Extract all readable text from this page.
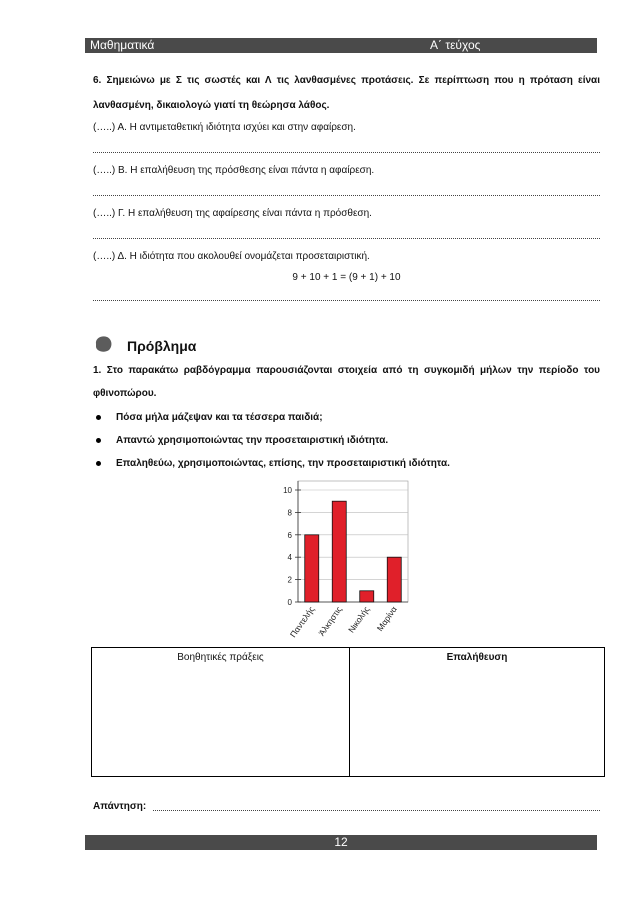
Μαθηματικά	Α΄ τεύχος
6. Σημειώνω με Σ τις σωστές και Λ τις λανθασμένες προτάσεις. Σε περίπτωση που η πρόταση είναι
λανθασμένη, δικαιολογώ γιατί τη θεώρησα λάθος.
(…..) Α. Η αντιμεταθετική ιδιότητα ισχύει και στην αφαίρεση.
(…..) Β. Η επαλήθευση της πρόσθεσης είναι πάντα η αφαίρεση.
(…..) Γ. Η επαλήθευση της αφαίρεσης είναι πάντα η πρόσθεση.
(…..) Δ. Η ιδιότητα που ακολουθεί ονομάζεται προσεταιριστική.
9 + 10 + 1 = (9 + 1) + 10
Πρόβλημα
1. Στο παρακάτω ραβδόγραμμα παρουσιάζονται στοιχεία από τη συγκομιδή μήλων την περίοδο του
φθινοπώρου.
Πόσα μήλα μάζεψαν και τα τέσσερα παιδιά;
Απαντώ χρησιμοποιώντας την προσεταιριστική ιδιότητα.
Επαληθεύω, χρησιμοποιώντας, επίσης, την προσεταιριστική ιδιότητα.
0
2
4
6
8
10
Παντελής Άλκηστις Νικολής Μαρίνα
Βοηθητικές πράξεις	Επαλήθευση
Απάντηση:
12
